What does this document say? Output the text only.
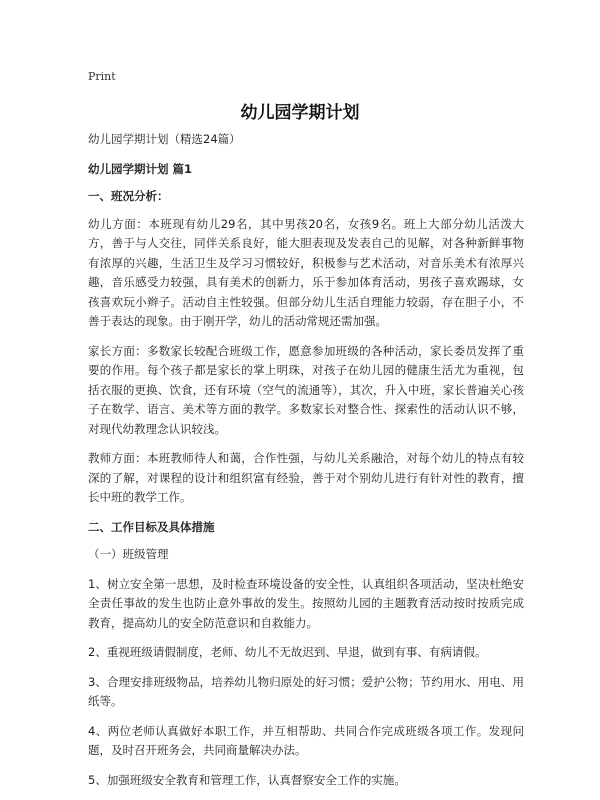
Print
幼儿园学期计划

幼儿园学期计划（精选24篇）

幼儿园学期计划 篇1

一、班况分析：

幼儿方面：本班现有幼儿29名，其中男孩20名，女孩9名。班上大部分幼儿活泼大方，善于与人交往，同伴关系良好，能大胆表现及发表自己的见解，对各种新鲜事物有浓厚的兴趣，生活卫生及学习习惯较好，积极参与艺术活动，对音乐美术有浓厚兴趣，音乐感受力较强，具有美术的创新力，乐于参加体育活动，男孩子喜欢踢球，女孩喜欢玩小辫子。活动自主性较强。但部分幼儿生活自理能力较弱，存在胆子小，不善于表达的现象。由于刚开学，幼儿的活动常规还需加强。

家长方面：多数家长较配合班级工作，愿意参加班级的各种活动，家长委员发挥了重要的作用。每个孩子都是家长的掌上明珠，对孩子在幼儿园的健康生活尤为重视，包括衣服的更换、饮食，还有环境（空气的流通等），其次，升入中班，家长普遍关心孩子在数学、语言、美术等方面的教学。多数家长对整合性、探索性的活动认识不够，对现代幼教理念认识较浅。

教师方面：本班教师待人和蔼，合作性强，与幼儿关系融洽，对每个幼儿的特点有较深的了解，对课程的设计和组织富有经验，善于对个别幼儿进行有针对性的教育，擅长中班的教学工作。

二、工作目标及具体措施

（一）班级管理

1、树立安全第一思想，及时检查环境设备的安全性，认真组织各项活动，坚决杜绝安全责任事故的发生也防止意外事故的发生。按照幼儿园的主题教育活动按时按质完成教育，提高幼儿的安全防范意识和自救能力。

2、重视班级请假制度，老师、幼儿不无故迟到、早退，做到有事、有病请假。

3、合理安排班级物品，培养幼儿物归原处的好习惯；爱护公物；节约用水、用电、用纸等。

4、两位老师认真做好本职工作，并互相帮助、共同合作完成班级各项工作。发现问题，及时召开班务会，共同商量解决办法。

5、加强班级安全教育和管理工作，认真督察安全工作的实施。
